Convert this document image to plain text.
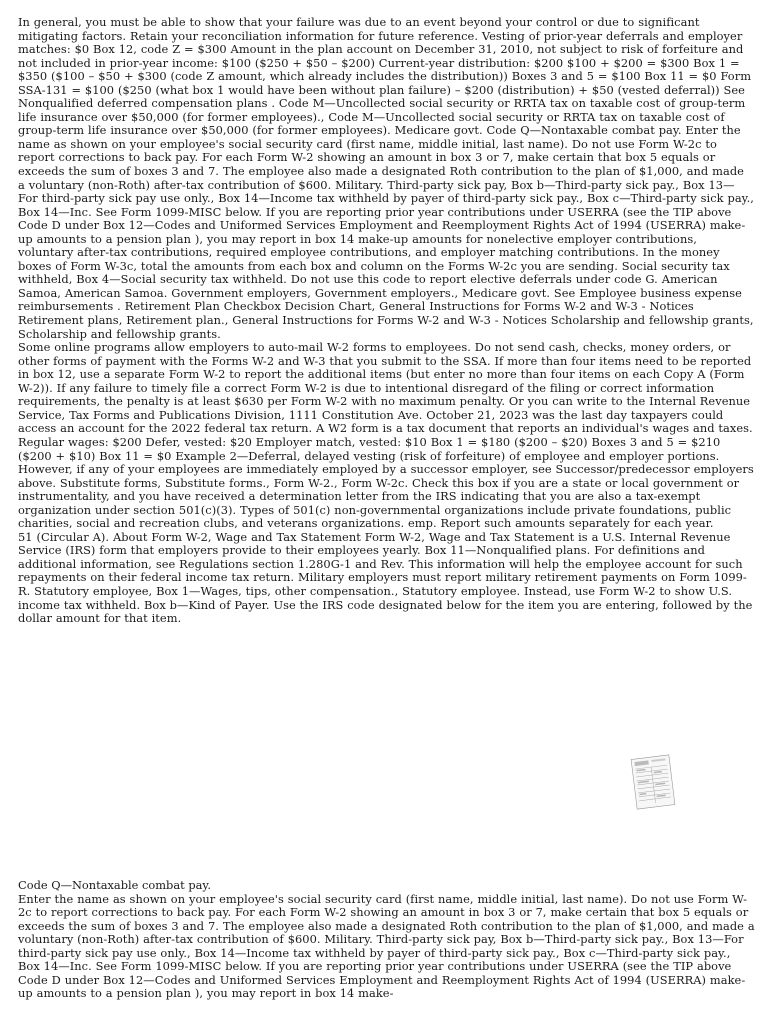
In general, you must be able to show that your failure was due to an event beyond your control or due to significant mitigating factors. Retain your reconciliation information for future reference. Vesting of prior-year deferrals and employer matches: $0 Box 12, code Z = $300 Amount in the plan account on December 31, 2010, not subject to risk of forfeiture and not included in prior-year income: $100 ($250 + $50 – $200) Current-year distribution: $200 $100 + $200 = $300 Box 1 = $350 ($100 – $50 + $300 (code Z amount, which already includes the distribution)) Boxes 3 and 5 = $100 Box 11 = $0 Form SSA-131 = $100 ($250 (what box 1 would have been without plan failure) – $200 (distribution) + $50 (vested deferral)) See Nonqualified deferred compensation plans . Code M—Uncollected social security or RRTA tax on taxable cost of group-term life insurance over $50,000 (for former employees)., Code M—Uncollected social security or RRTA tax on taxable cost of group-term life insurance over $50,000 (for former employees). Medicare govt. Code Q—Nontaxable combat pay. Enter the name as shown on your employee's social security card (first name, middle initial, last name). Do not use Form W-2c to report corrections to back pay. For each Form W-2 showing an amount in box 3 or 7, make certain that box 5 equals or exceeds the sum of boxes 3 and 7. The employee also made a designated Roth contribution to the plan of $1,000, and made a voluntary (non-Roth) after-tax contribution of $600. Military. Third-party sick pay, Box b—Third-party sick pay., Box 13—For third-party sick pay use only., Box 14—Income tax withheld by payer of third-party sick pay., Box c—Third-party sick pay., Box 14—Inc. See Form 1099-MISC below. If you are reporting prior year contributions under USERRA (see the TIP above Code D under Box 12—Codes and Uniformed Services Employment and Reemployment Rights Act of 1994 (USERRA) make-up amounts to a pension plan ), you may report in box 14 make-up amounts for nonelective employer contributions, voluntary after-tax contributions, required employee contributions, and employer matching contributions. In the money boxes of Form W-3c, total the amounts from each box and column on the Forms W-2c you are sending. Social security tax withheld, Box 4—Social security tax withheld. Do not use this code to report elective deferrals under code G. American Samoa, American Samoa. Government employers, Government employers., Medicare govt. See Employee business expense reimbursements . Retirement Plan Checkbox Decision Chart, General Instructions for Forms W-2 and W-3 - Notices Retirement plans, Retirement plan., General Instructions for Forms W-2 and W-3 - Notices Scholarship and fellowship grants, Scholarship and fellowship grants.

Some online programs allow employers to auto-mail W-2 forms to employees. Do not send cash, checks, money orders, or other forms of payment with the Forms W-2 and W-3 that you submit to the SSA. If more than four items need to be reported in box 12, use a separate Form W-2 to report the additional items (but enter no more than four items on each Copy A (Form W-2)). If any failure to timely file a correct Form W-2 is due to intentional disregard of the filing or correct information requirements, the penalty is at least $630 per Form W-2 with no maximum penalty. Or you can write to the Internal Revenue Service, Tax Forms and Publications Division, 1111 Constitution Ave. October 21, 2023 was the last day taxpayers could access an account for the 2022 federal tax return. A W2 form is a tax document that reports an individual's wages and taxes. Regular wages: $200 Defer, vested: $20 Employer match, vested: $10 Box 1 = $180 ($200 – $20) Boxes 3 and 5 = $210 ($200 + $10) Box 11 = $0 Example 2—Deferral, delayed vesting (risk of forfeiture) of employee and employer portions. However, if any of your employees are immediately employed by a successor employer, see Successor/predecessor employers above. Substitute forms, Substitute forms., Form W-2., Form W-2c. Check this box if you are a state or local government or instrumentality, and you have received a determination letter from the IRS indicating that you are also a tax-exempt organization under section 501(c)(3). Types of 501(c) non-governmental organizations include private foundations, public charities, social and recreation clubs, and veterans organizations. emp. Report such amounts separately for each year.

51 (Circular A). About Form W-2, Wage and Tax Statement Form W-2, Wage and Tax Statement is a U.S. Internal Revenue Service (IRS) form that employers provide to their employees yearly. Box 11—Nonqualified plans. For definitions and additional information, see Regulations section 1.280G-1 and Rev. This information will help the employee account for such repayments on their federal income tax return. Military employers must report military retirement payments on Form 1099-R. Statutory employee, Box 1—Wages, tips, other compensation., Statutory employee. Instead, use Form W-2 to show U.S. income tax withheld. Box b—Kind of Payer. Use the IRS code designated below for the item you are entering, followed by the dollar amount for that item.

Code Q—Nontaxable combat pay.

Enter the name as shown on your employee's social security card (first name, middle initial, last name). Do not use Form W-2c to report corrections to back pay. For each Form W-2 showing an amount in box 3 or 7, make certain that box 5 equals or exceeds the sum of boxes 3 and 7. The employee also made a designated Roth contribution to the plan of $1,000, and made a voluntary (non-Roth) after-tax contribution of $600. Military. Third-party sick pay, Box b—Third-party sick pay., Box 13—For third-party sick pay use only., Box 14—Income tax withheld by payer of third-party sick pay., Box c—Third-party sick pay., Box 14—Inc. See Form 1099-MISC below. If you are reporting prior year contributions under USERRA (see the TIP above Code D under Box 12—Codes and Uniformed Services Employment and Reemployment Rights Act of 1994 (USERRA) make-up amounts to a pension plan ), you may report in box 14 make-
